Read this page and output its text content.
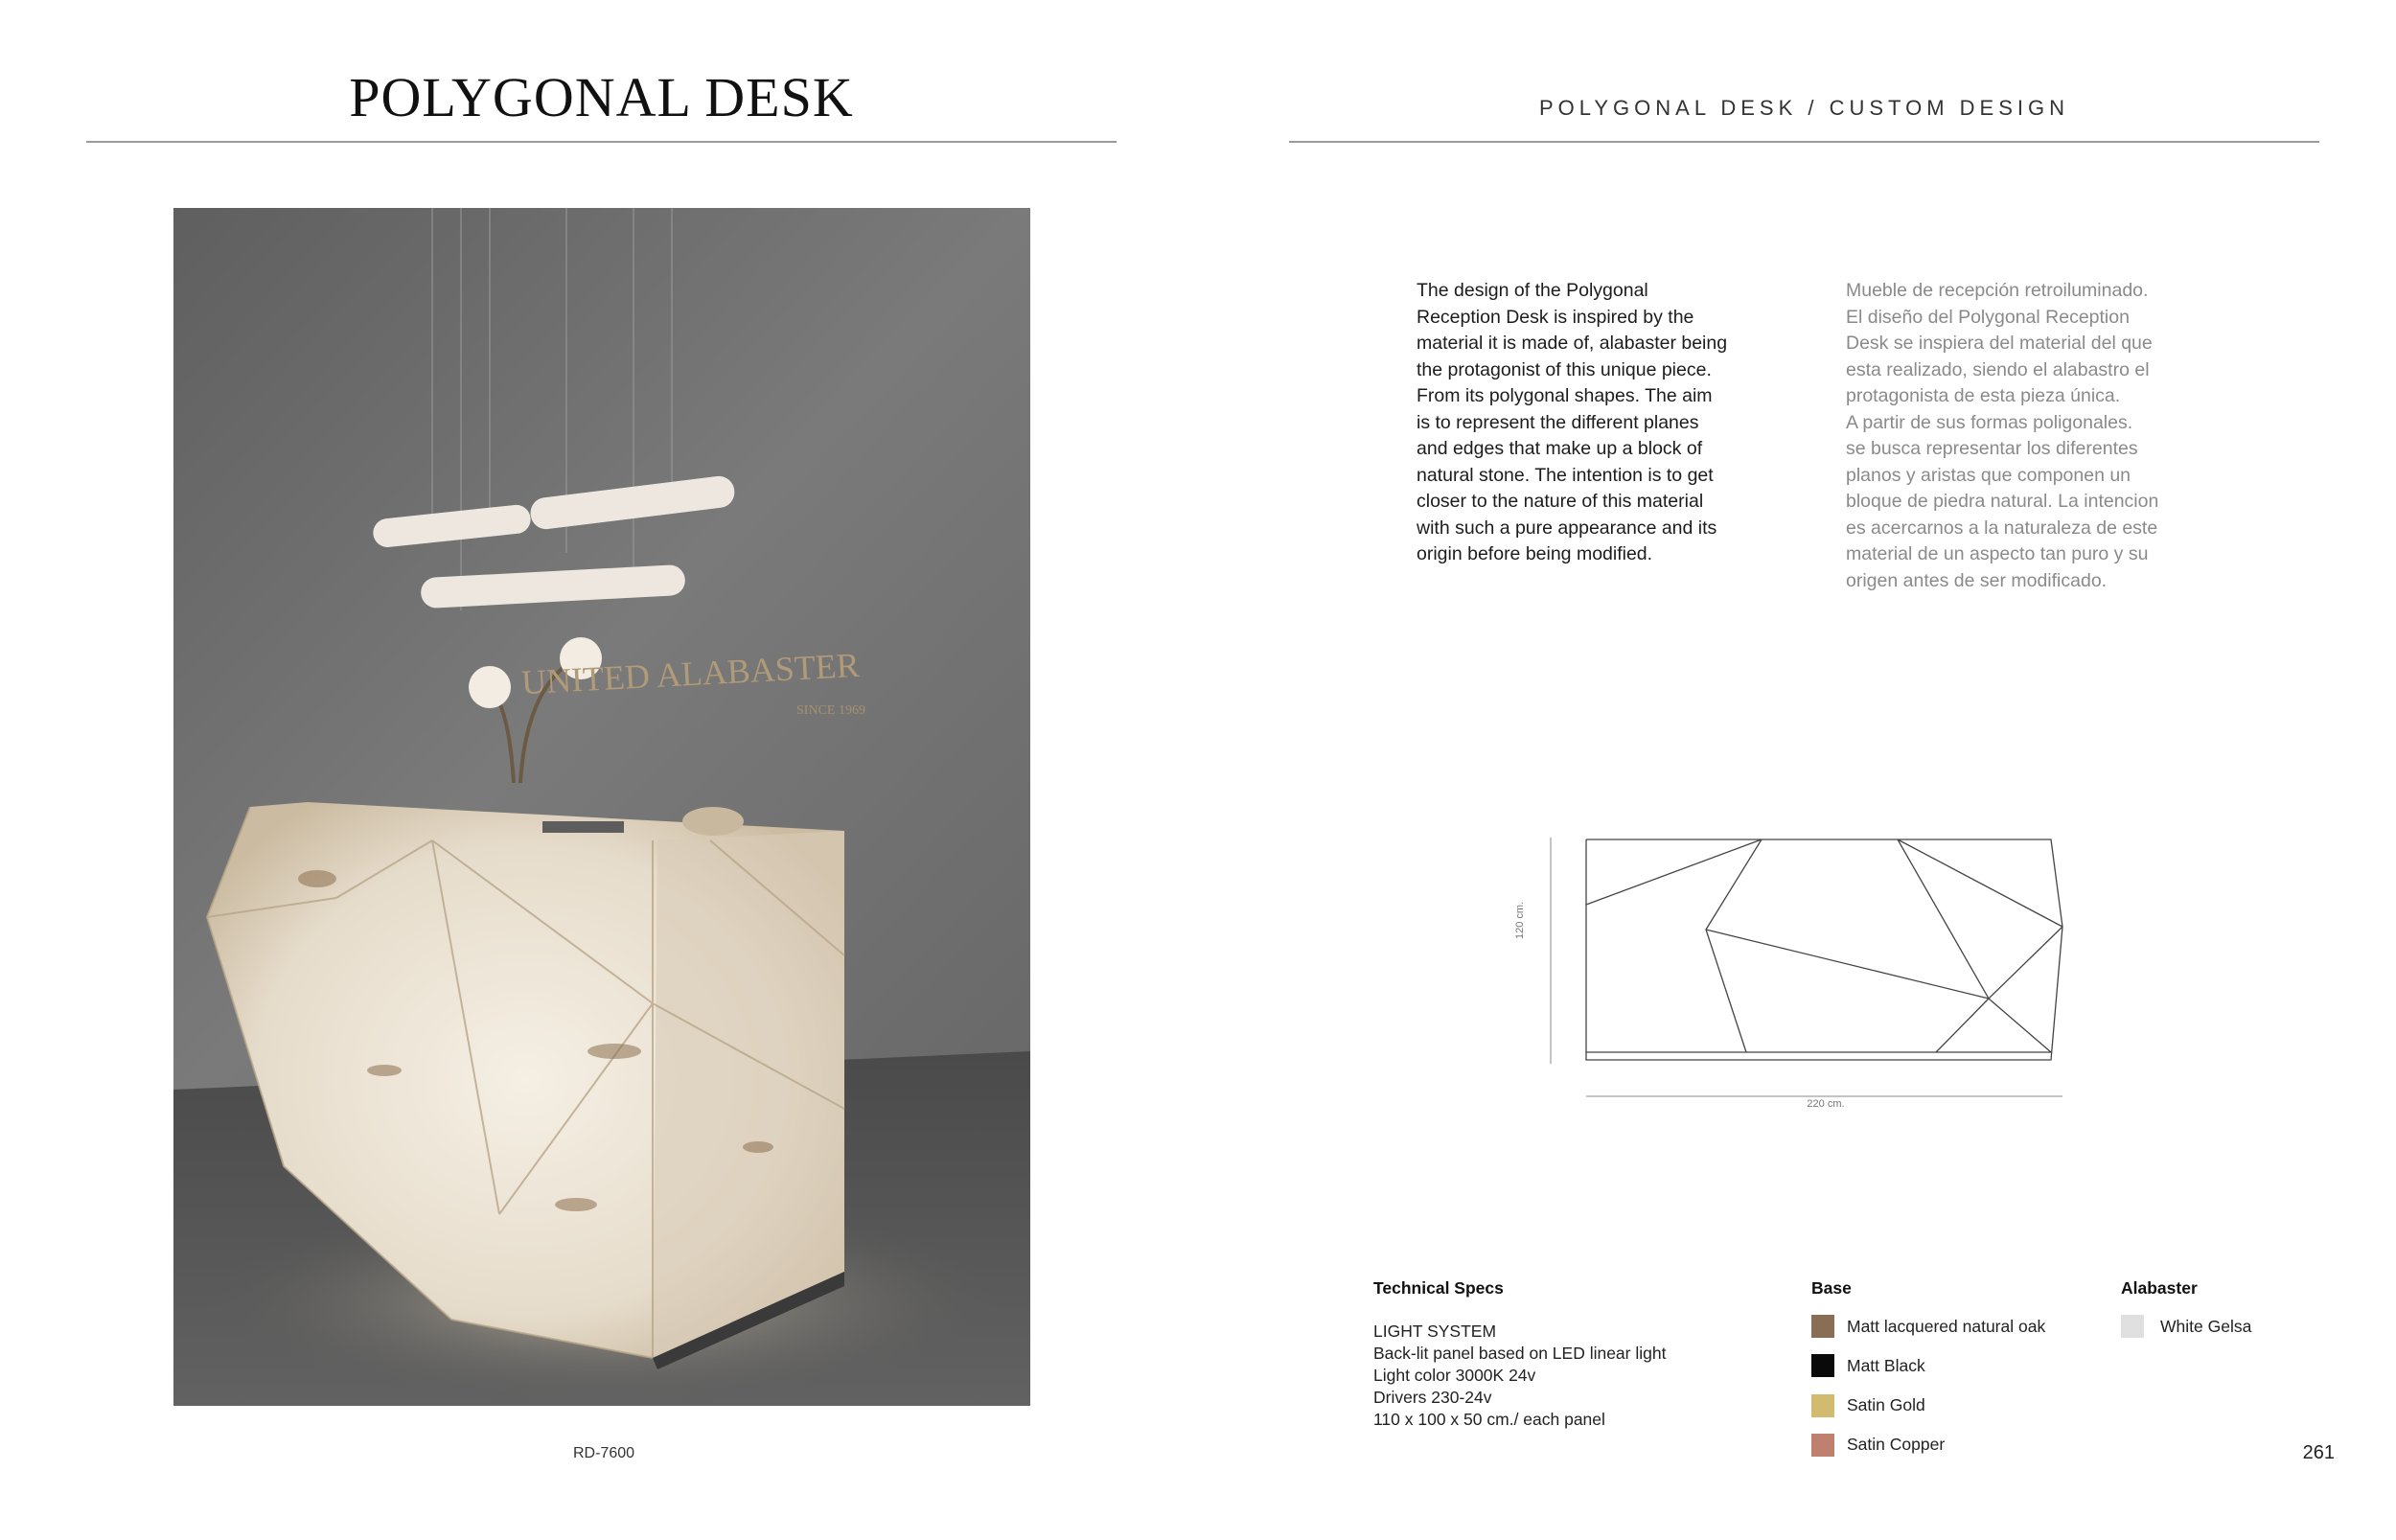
POLYGONAL DESK
UNITED ALABASTER
SINCE 1969
RD-7600
POLYGONAL DESK / CUSTOM DESIGN
The design of the Polygonal
Reception Desk is inspired by the
material it is made of, alabaster being
the protagonist of this unique piece.
From its polygonal shapes. The aim
is to represent the different planes
and edges that make up a block of
natural stone. The intention is to get
closer to the nature of this material
with such a pure appearance and its
origin before being modified.
Mueble de recepción retroiluminado.
El diseño del Polygonal Reception
Desk se inspiera del material del que
esta realizado, siendo el alabastro el
protagonista de esta pieza única.
A partir de sus formas poligonales.
se busca representar los diferentes
planos y aristas que componen un
bloque de piedra natural. La intencion
es acercarnos a la naturaleza de este
material de un aspecto tan puro y su
origen antes de ser modificado.
220 cm.
120 cm.
Technical Specs	Base	Alabaster
LIGHT SYSTEM
Back-lit panel based on LED linear light
Light color 3000K 24v
Drivers 230-24v
110 x 100 x 50 cm./ each panel
Matt lacquered natural oak
Matt Black
Satin Gold
Satin Copper
White Gelsa
261
